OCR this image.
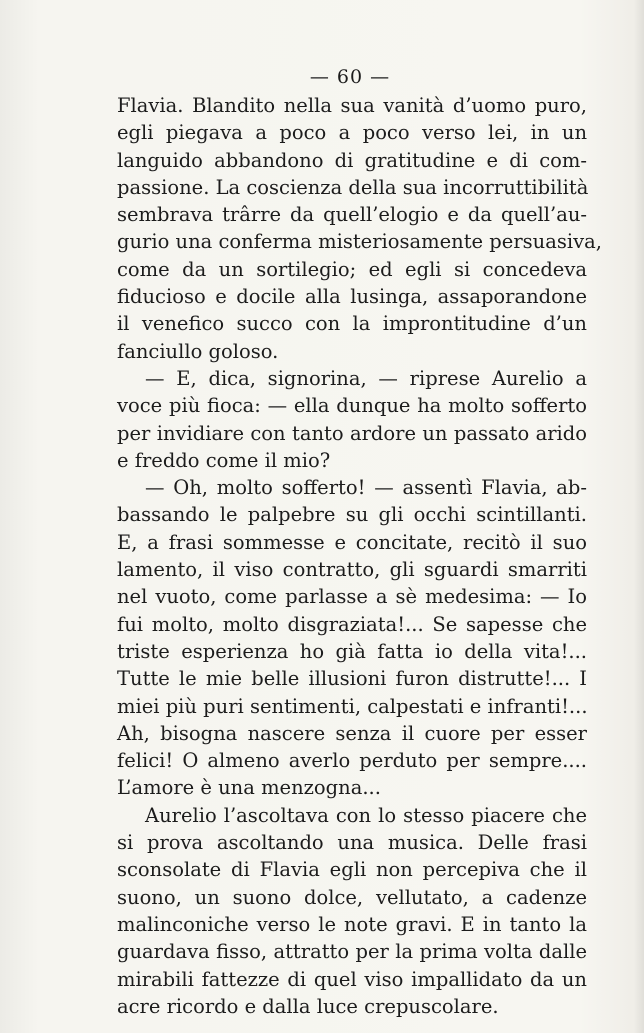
— 60 —
Flavia. Blandito nella sua vanità d’uomo puro,
egli piegava a poco a poco verso lei, in un
languido abbandono di gratitudine e di com-
passione. La coscienza della sua incorruttibilità
sembrava trârre da quell’elogio e da quell’au-
gurio una conferma misteriosamente persuasiva,
come da un sortilegio; ed egli si concedeva
fiducioso e docile alla lusinga, assaporandone
il venefico succo con la improntitudine d’un
fanciullo goloso.
— E, dica, signorina, — riprese Aurelio a
voce più fioca: — ella dunque ha molto sofferto
per invidiare con tanto ardore un passato arido
e freddo come il mio?
— Oh, molto sofferto! — assentì Flavia, ab-
bassando le palpebre su gli occhi scintillanti.
E, a frasi sommesse e concitate, recitò il suo
lamento, il viso contratto, gli sguardi smarriti
nel vuoto, come parlasse a sè medesima: — Io
fui molto, molto disgraziata!... Se sapesse che
triste esperienza ho già fatta io della vita!...
Tutte le mie belle illusioni furon distrutte!... I
miei più puri sentimenti, calpestati e infranti!...
Ah, bisogna nascere senza il cuore per esser
felici! O almeno averlo perduto per sempre....
L’amore è una menzogna...
Aurelio l’ascoltava con lo stesso piacere che
si prova ascoltando una musica. Delle frasi
sconsolate di Flavia egli non percepiva che il
suono, un suono dolce, vellutato, a cadenze
malinconiche verso le note gravi. E in tanto la
guardava fisso, attratto per la prima volta dalle
mirabili fattezze di quel viso impallidato da un
acre ricordo e dalla luce crepuscolare.
